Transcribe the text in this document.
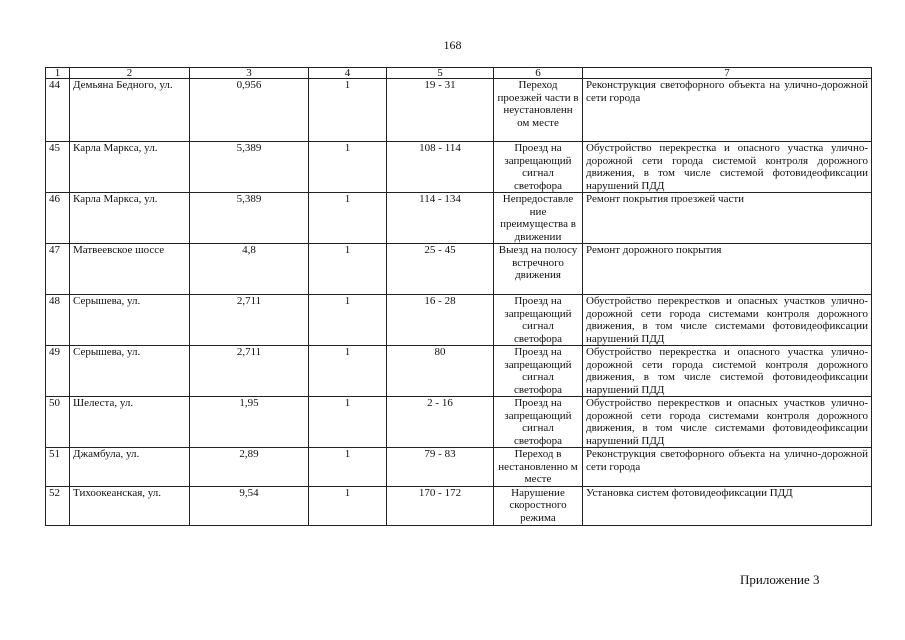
168
1	2	3	4	5	6	7
44	Демьяна Бедного, ул.	0,956	1	19 - 31	Переход проезжей части в неустановленн ом месте	Реконструкция светофорного объекта на улично-дорожной сети города
45	Карла Маркса, ул.	5,389	1	108 - 114	Проезд на запрещающий сигнал светофора	Обустройство перекрестка и опасного участка улично-дорожной сети города системой контроля дорожного движения, в том числе системой фотовидеофиксации нарушений ПДД
46	Карла Маркса, ул.	5,389	1	114 - 134	Непредоставле ние преимущества в движении	Ремонт покрытия проезжей части
47	Матвеевское шоссе	4,8	1	25 - 45	Выезд на полосу встречного движения	Ремонт дорожного покрытия
48	Серышева, ул.	2,711	1	16 - 28	Проезд на запрещающий сигнал светофора	Обустройство перекрестков и опасных участков улично-дорожной сети города системами контроля дорожного движения, в том числе системами фотовидеофиксации нарушений ПДД
49	Серышева, ул.	2,711	1	80	Проезд на запрещающий сигнал светофора	Обустройство перекрестка и опасного участка улично-дорожной сети города системой контроля дорожного движения, в том числе системой фотовидеофиксации нарушений ПДД
50	Шелеста, ул.	1,95	1	2 - 16	Проезд на запрещающий сигнал светофора	Обустройство перекрестков и опасных участков улично-дорожной сети города системами контроля дорожного движения, в том числе системами фотовидеофиксации нарушений ПДД
51	Джамбула, ул.	2,89	1	79 - 83	Переход в нестановленно м месте	Реконструкция светофорного объекта на улично-дорожной сети города
52	Тихоокеанская, ул.	9,54	1	170 - 172	Нарушение скоростного режима	Установка систем фотовидеофиксации ПДД
Приложение 3
